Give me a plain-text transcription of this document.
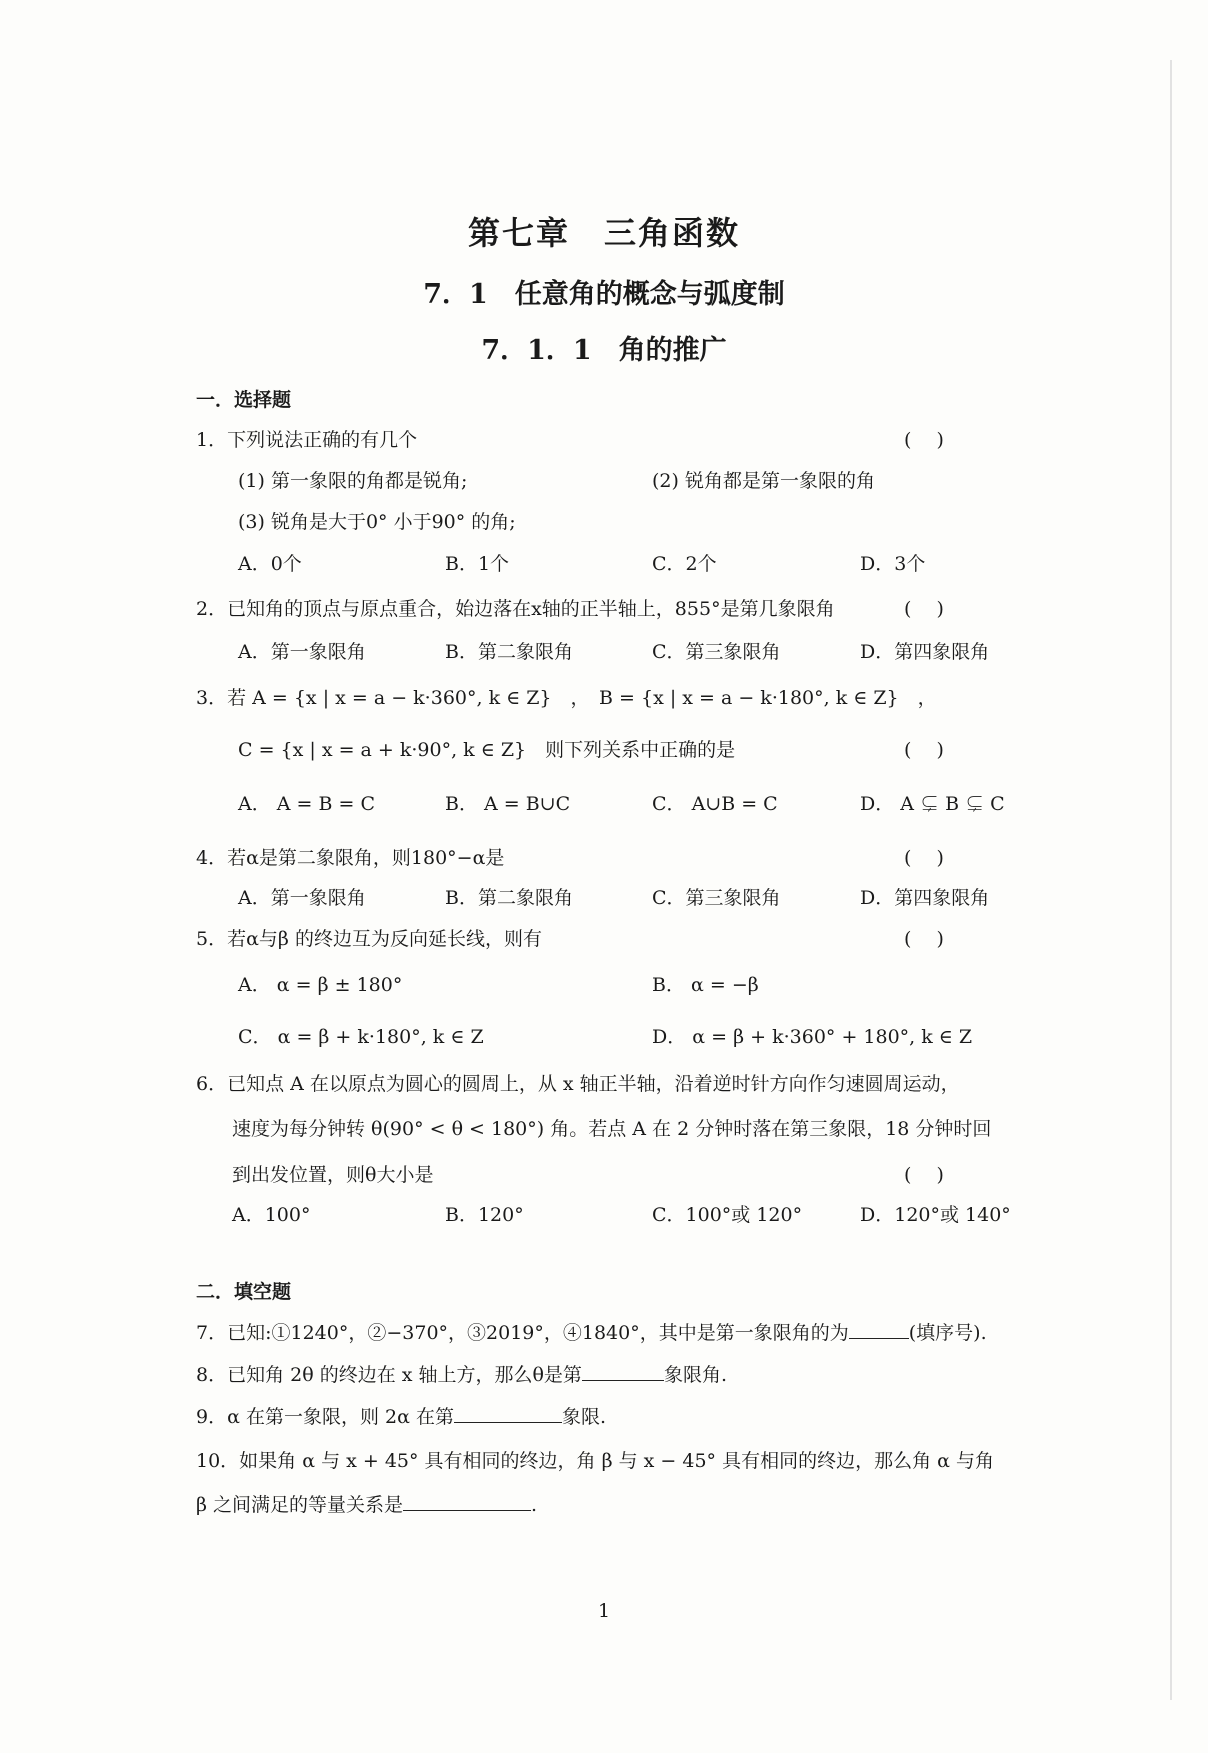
第七章　三角函数
7．1　任意角的概念与弧度制
7．1．1　角的推广
一．选择题
1．下列说法正确的有几个	(　 )
(1) 第一象限的角都是锐角;	(2) 锐角都是第一象限的角
(3) 锐角是大于0° 小于90° 的角;
A．0个	B．1个	C．2个	D．3个
2．已知角的顶点与原点重合，始边落在x轴的正半轴上，855°是第几象限角	(　 )
A．第一象限角	B．第二象限角	C．第三象限角	D．第四象限角
3．若 A = {x | x = a − k·360°, k ∈ Z}　，　B = {x | x = a − k·180°, k ∈ Z}　，
C = {x | x = a + k·90°, k ∈ Z}　则下列关系中正确的是	(　 )
A． A = B = C	B． A = B∪C	C． A∪B = C	D． A ⊊ B ⊊ C
4．若α是第二象限角，则180°−α是	(　 )
A．第一象限角	B．第二象限角	C．第三象限角	D．第四象限角
5．若α与β 的终边互为反向延长线，则有	(　 )
A． α = β ± 180°	B． α = −β
C． α = β + k·180°, k ∈ Z	D． α = β + k·360° + 180°, k ∈ Z
6．已知点 A 在以原点为圆心的圆周上，从 x 轴正半轴，沿着逆时针方向作匀速圆周运动，
速度为每分钟转 θ(90° < θ < 180°) 角。若点 A 在 2 分钟时落在第三象限，18 分钟时回
到出发位置，则θ大小是	(　 )
A．100°	B．120°	C．100°或 120°	D．120°或 140°
二．填空题
7．已知:①1240°，②−370°，③2019°，④1840°，其中是第一象限角的为	(填序号).
8．已知角 2θ 的终边在 x 轴上方，那么θ是第	象限角.
9．α 在第一象限，则 2α 在第	象限.
10．如果角 α 与 x + 45° 具有相同的终边，角 β 与 x − 45° 具有相同的终边，那么角 α 与角
β 之间满足的等量关系是	.
1
